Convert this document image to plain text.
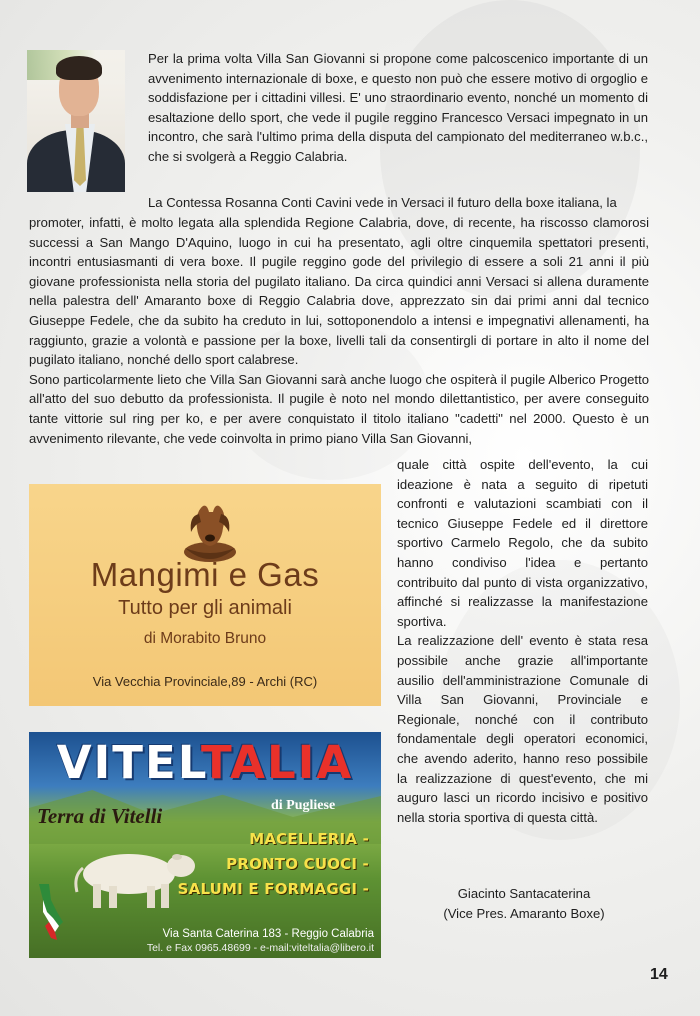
Per la prima volta Villa San Giovanni si propone come palcoscenico importante di un avvenimento internazionale di boxe, e questo non può che essere motivo di orgoglio e soddisfazione per i cittadini villesi. E' uno straordinario evento, nonché un momento di esaltazione dello sport, che vede il pugile reggino Francesco Versaci impegnato in un incontro, che sarà l'ultimo prima della disputa del campionato del mediterraneo w.b.c., che si svolgerà a Reggio Calabria.

La Contessa Rosanna Conti Cavini vede in Versaci il futuro della boxe italiana, la

promoter, infatti, è molto legata alla splendida Regione Calabria, dove, di recente, ha riscosso clamorosi successi a San Mango D'Aquino, luogo in cui ha presentato, agli oltre cinquemila spettatori presenti, incontri entusiasmanti di vera boxe. Il pugile reggino gode del privilegio di essere a soli 21 anni il più giovane professionista nella storia del pugilato italiano. Da circa quindici anni Versaci si allena duramente nella palestra dell' Amaranto boxe di Reggio Calabria dove, apprezzato sin dai primi anni dal tecnico Giuseppe Fedele, che da subito ha creduto in lui, sottoponendolo a intensi e impegnativi allenamenti, ha raggiunto, grazie a volontà e passione per la boxe, livelli tali da consentirgli di portare in alto il nome del pugilato italiano, nonché dello sport calabrese.

Sono particolarmente lieto che Villa San Giovanni sarà anche luogo che ospiterà il pugile Alberico Progetto all'atto del suo debutto da professionista. Il pugile è noto nel mondo dilettantistico, per avere conseguito tante vittorie sul ring per ko, e per avere conquistato il titolo italiano "cadetti" nel 2000. Questo è un avvenimento rilevante, che vede coinvolta in primo piano Villa San Giovanni,

quale città ospite dell'evento, la cui ideazione è nata a seguito di ripetuti confronti e valutazioni scambiati con il tecnico Giuseppe Fedele ed il direttore sportivo Carmelo Regolo, che da subito hanno condiviso l'idea e pertanto contribuito dal punto di vista organizzativo, affinché si realizzasse la manifestazione sportiva.

La realizzazione dell' evento è stata resa possibile anche grazie all'importante ausilio dell'amministrazione Comunale di Villa San Giovanni, Provinciale e Regionale, nonché con il contributo fondamentale degli operatori economici, che avendo aderito, hanno reso possibile la realizzazione di quest'evento, che mi auguro lasci un ricordo incisivo e positivo nella storia sportiva di questa città.

Giacinto Santacaterina
(Vice Pres. Amaranto Boxe)
Mangimi e Gas
Tutto per gli animali
di Morabito Bruno
Via Vecchia Provinciale,89 - Archi (RC)
VITELTALIA
Terra di Vitelli	di Pugliese
MACELLERIA -
PRONTO CUOCI -
SALUMI E FORMAGGI -
Via Santa Caterina 183 - Reggio Calabria
Tel. e Fax 0965.48699 - e-mail:viteltalia@libero.it
14
